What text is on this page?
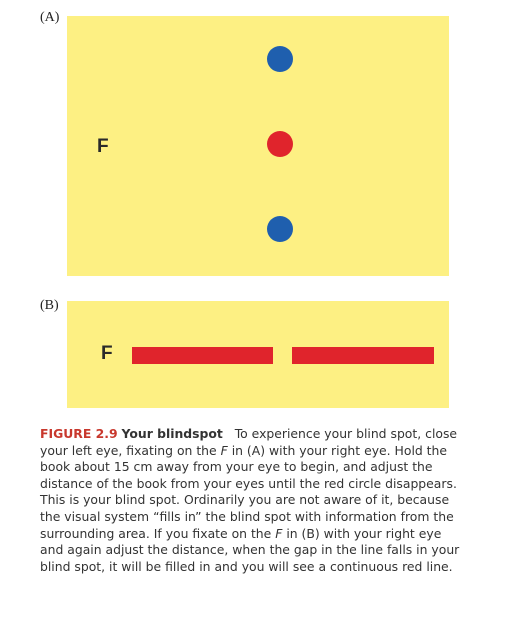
(A)
F
(B)
F
FIGURE 2.9 Your blindspot To experience your blind spot, close your left eye, fixating on the F in (A) with your right eye. Hold the book about 15 cm away from your eye to begin, and adjust the distance of the book from your eyes until the red circle disappears. This is your blind spot. Ordinarily you are not aware of it, because the visual system “fills in” the blind spot with information from the surrounding area. If you fixate on the F in (B) with your right eye and again adjust the distance, when the gap in the line falls in your blind spot, it will be filled in and you will see a continuous red line.
